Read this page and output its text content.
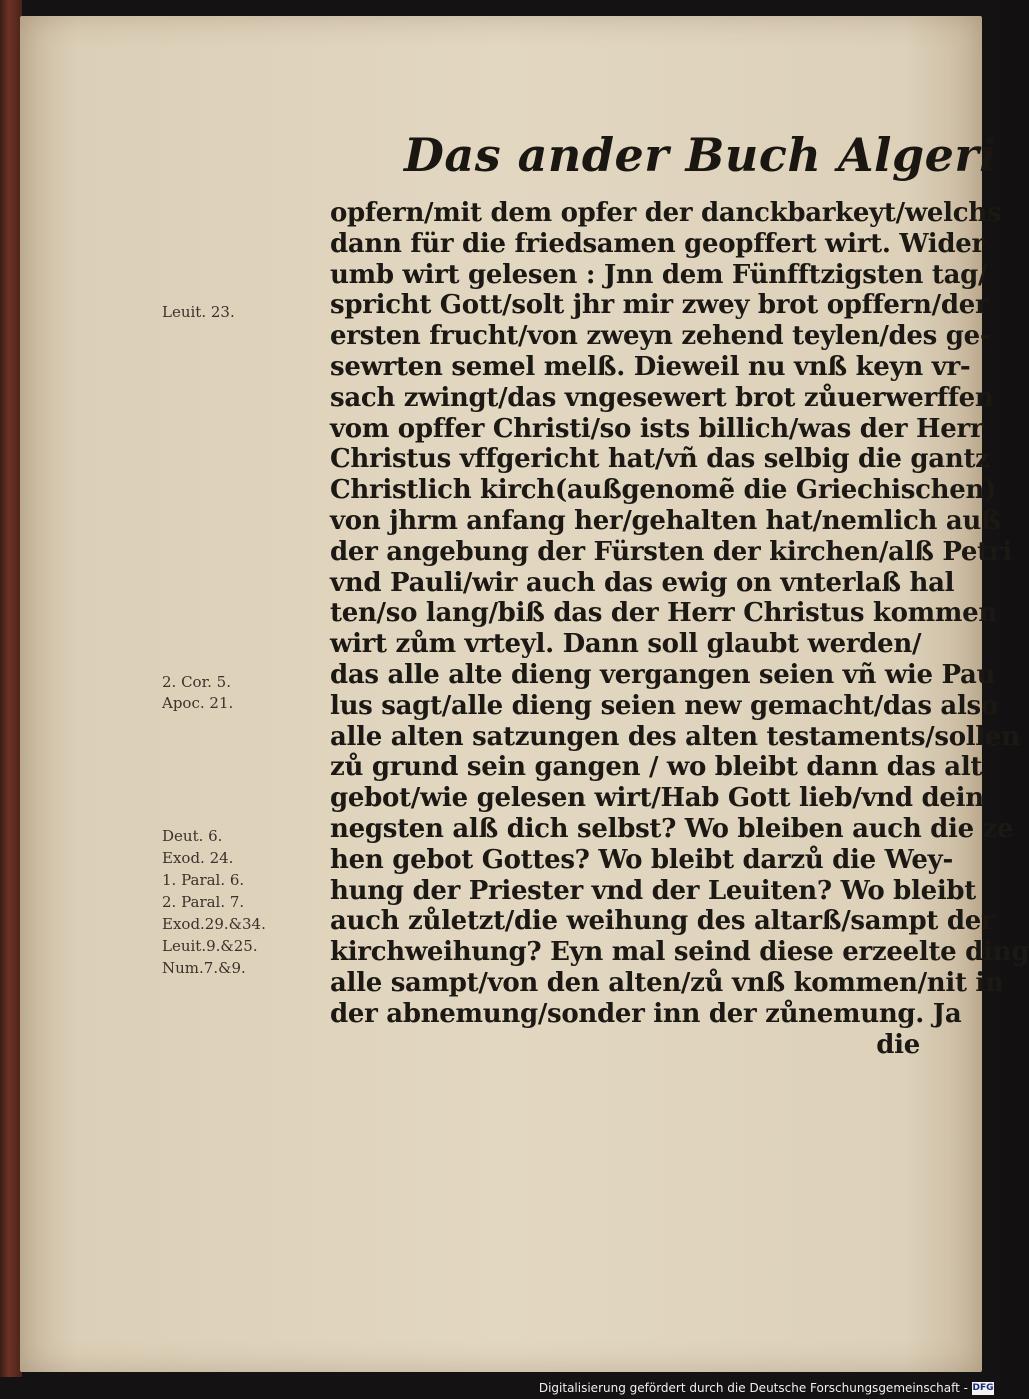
Das ander Buch Algeri
opfern/mit dem opfer der danckbarkeyt/welchs
dann für die friedsamen geopffert wirt. Wider
umb wirt gelesen : Jnn dem Fünfftzigsten tag/
spricht Gott/solt jhr mir zwey brot opffern/der
ersten frucht/von zweyn zehend teylen/des ge-
sewrten semel melß. Dieweil nu vnß keyn vr-
sach zwingt/das vngesewert brot zůuerwerffen
vom opffer Christi/so ists billich/was der Herr
Christus vffgericht hat/vñ das selbig die gantz
Christlich kirch(außgenomẽ die Griechischen)
von jhrm anfang her/gehalten hat/nemlich auß
der angebung der Fürsten der kirchen/alß Petri
vnd Pauli/wir auch das ewig on vnterlaß hal
ten/so lang/biß das der Herr Christus kommen
wirt zům vrteyl. Dann soll glaubt werden/
das alle alte dieng vergangen seien vñ wie Pau
lus sagt/alle dieng seien new gemacht/das also
alle alten satzungen des alten testaments/sollen
zů grund sein gangen / wo bleibt dann das alt
gebot/wie gelesen wirt/Hab Gott lieb/vnd dein
negsten alß dich selbst? Wo bleiben auch die ze
hen gebot Gottes? Wo bleibt darzů die Wey-
hung der Priester vnd der Leuiten? Wo bleibt
auch zůletzt/die weihung des altarß/sampt der
kirchweihung? Eyn mal seind diese erzeelte ding
alle sampt/von den alten/zů vnß kommen/nit in
der abnemung/sonder inn der zůnemung. Ja
die
Leuit. 23.
2. Cor. 5.
Apoc. 21.
Deut. 6.
Exod. 24.
1. Paral. 6.
2. Paral. 7.
Exod.29.&34.
Leuit.9.&25.
Num.7.&9.
Digitalisierung gefördert durch die Deutsche Forschungsgemeinschaft - DFG
